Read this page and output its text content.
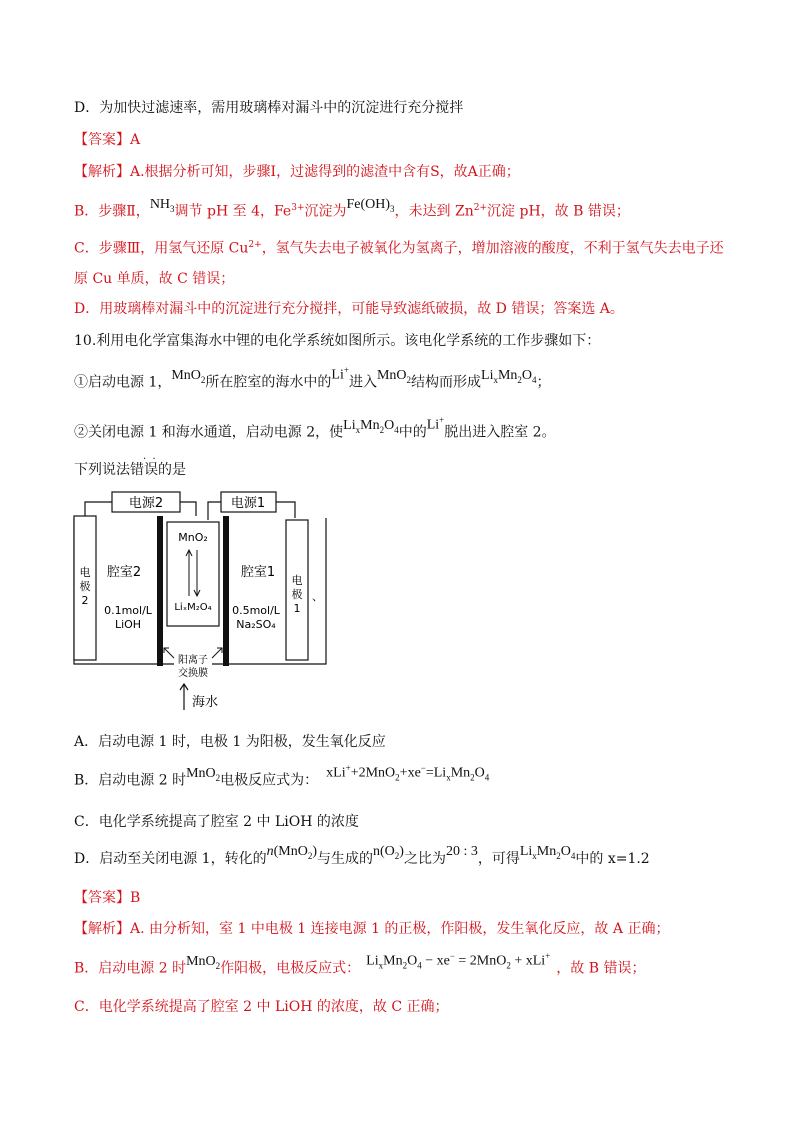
D．为加快过滤速率，需用玻璃棒对漏斗中的沉淀进行充分搅拌
【答案】A
【解析】A.根据分析可知，步骤Ⅰ，过滤得到的滤渣中含有S，故A正确；
B．步骤Ⅱ，$NH_3$调节 pH 至 4，$Fe^{3+}$沉淀为$Fe(OH)_3$，未达到 $Zn^{2+}$沉淀 pH，故 B 错误；
C．步骤Ⅲ，用氢气还原 $Cu^{2+}$，氢气失去电子被氧化为氢离子，增加溶液的酸度，不利于氢气失去电子还
原 Cu 单质，故 C 错误；
D．用玻璃棒对漏斗中的沉淀进行充分搅拌，可能导致滤纸破损，故 D 错误；答案选 A。
10.利用电化学富集海水中锂的电化学系统如图所示。该电化学系统的工作步骤如下：
①启动电源 1，MnO$_2$所在腔室的海水中的Li+进入MnO$_2$结构而形成$Li_xMn_2O_4$；
②关闭电源 1 和海水通道，启动电源 2，使$Li_xMn_2O_4$中的Li+脱出进入腔室 2。
下列说法错误的是
·  ·
电源2	电源1
电
极
2
电
极
1
、
MnO₂
LiₓM₂O₄
腔室2
0.1mol/L
LiOH
腔室1
0.5mol/L
Na₂SO₄
阳离子
交换膜
海水
A．启动电源 1 时，电极 1 为阳极，发生氧化反应
B．启动电源 2 时MnO$_2$电极反应式为： $xLi^++2MnO_2+xe^-=Li_xMn_2O_4$
C．电化学系统提高了腔室 2 中 LiOH 的浓度
D．启动至关闭电源 1，转化的n(MnO$_2$)与生成的$n(O_2)$之比为20 : 3，可得$Li_xMn_2O_4$中的 x=1.2
【答案】B
【解析】A. 由分析知，室 1 中电极 1 连接电源 1 的正极，作阳极，发生氧化反应，故 A 正确；
B．启动电源 2 时MnO$_2$作阳极，电极反应式： $Li_xMn_2O_4 - xe^- = 2MnO_2 + xLi^+$，故 B 错误；
C．电化学系统提高了腔室 2 中 LiOH 的浓度，故 C 正确；
